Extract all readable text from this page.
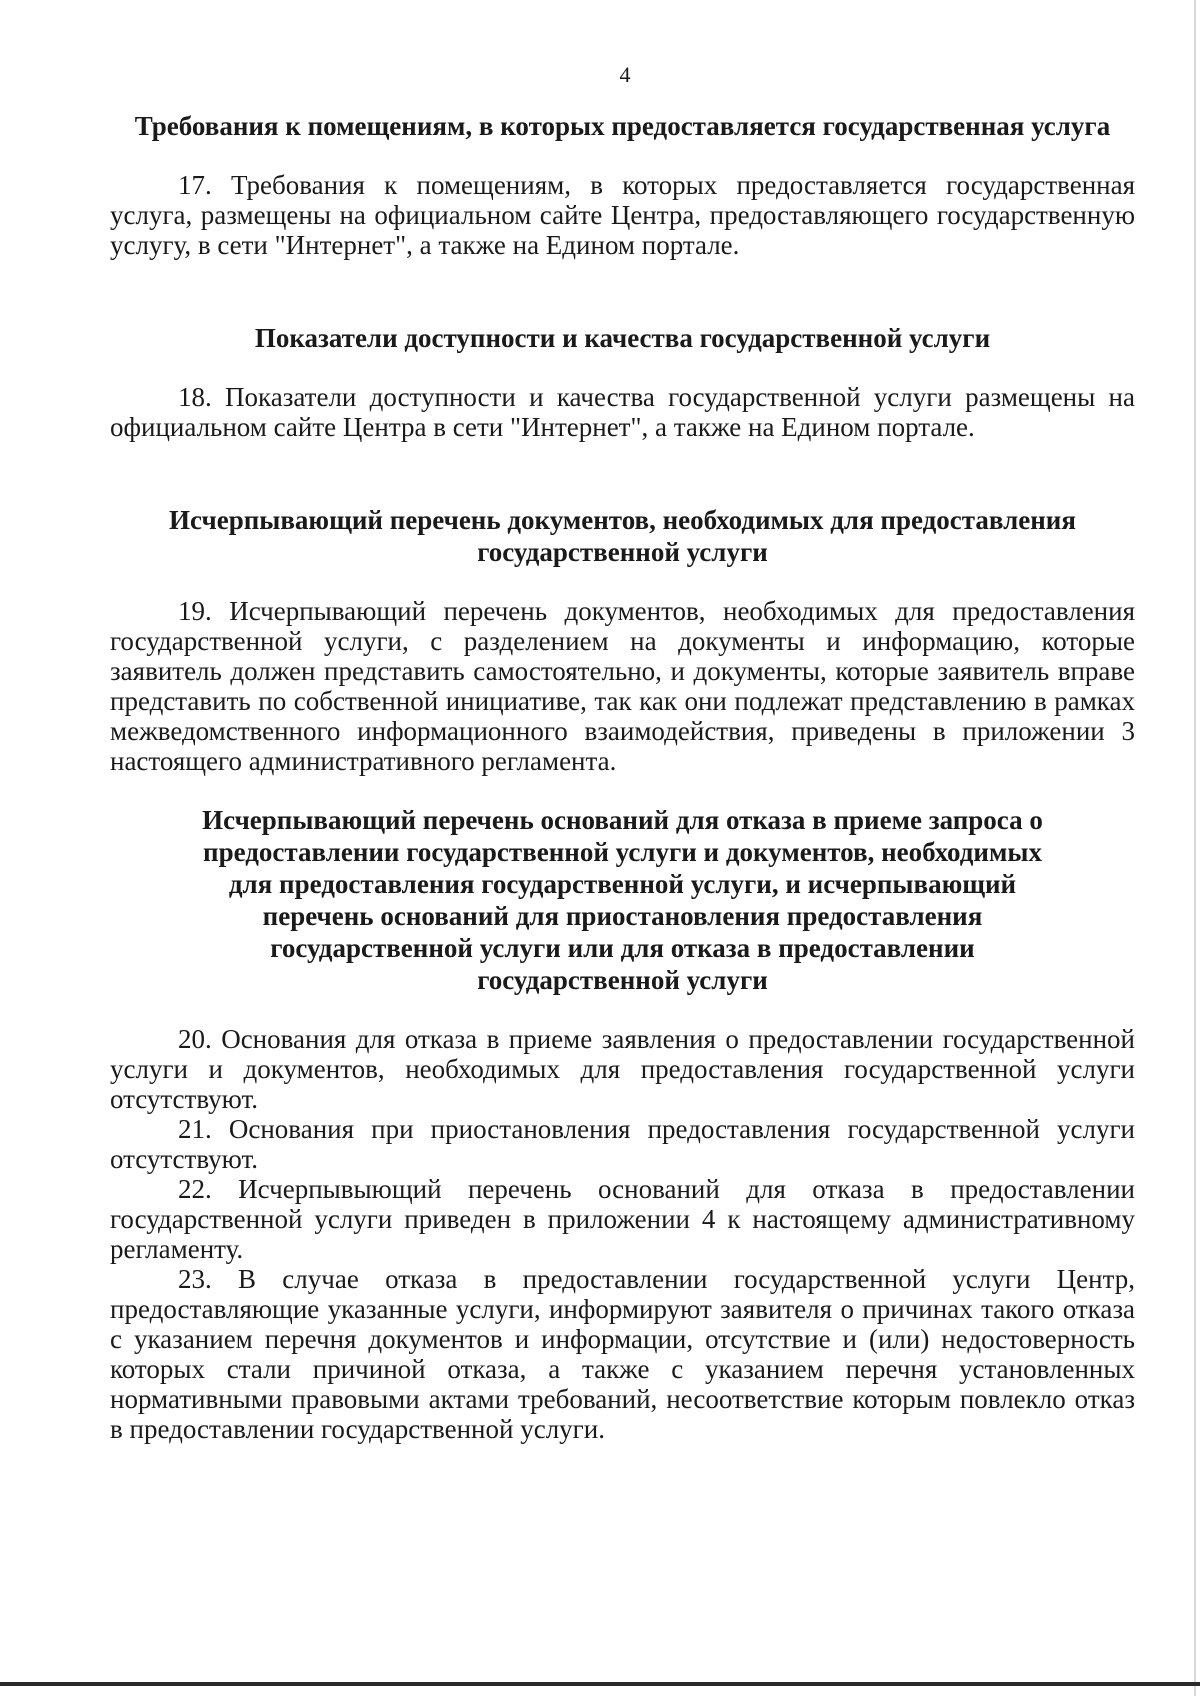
4
Требования к помещениям, в которых предоставляется государственная услуга

17. Требования к помещениям, в которых предоставляется государственная услуга, размещены на официальном сайте Центра, предоставляющего государственную услугу, в сети "Интернет", а также на Едином портале.

Показатели доступности и качества государственной услуги

18. Показатели доступности и качества государственной услуги размещены на официальном сайте Центра в сети "Интернет", а также на Едином портале.

Исчерпывающий перечень документов, необходимых для предоставления государственной услуги

19. Исчерпывающий перечень документов, необходимых для предоставления государственной услуги, с разделением на документы и информацию, которые заявитель должен представить самостоятельно, и документы, которые заявитель вправе представить по собственной инициативе, так как они подлежат представлению в рамках межведомственного информационного взаимодействия, приведены в приложении 3 настоящего административного регламента.

Исчерпывающий перечень оснований для отказа в приеме запроса о предоставлении государственной услуги и документов, необходимых для предоставления государственной услуги, и исчерпывающий перечень оснований для приостановления предоставления государственной услуги или для отказа в предоставлении государственной услуги

20. Основания для отказа в приеме заявления о предоставлении государственной услуги и документов, необходимых для предоставления государственной услуги отсутствуют.

21. Основания при приостановления предоставления государственной услуги отсутствуют.

22. Исчерпывыющий перечень оснований для отказа в предоставлении государственной услуги приведен в приложении 4 к настоящему административному регламенту.

23. В случае отказа в предоставлении государственной услуги Центр, предоставляющие указанные услуги, информируют заявителя о причинах такого отказа с указанием перечня документов и информации, отсутствие и (или) недостоверность которых стали причиной отказа, а также с указанием перечня установленных нормативными правовыми актами требований, несоответствие которым повлекло отказ в предоставлении государственной услуги.
